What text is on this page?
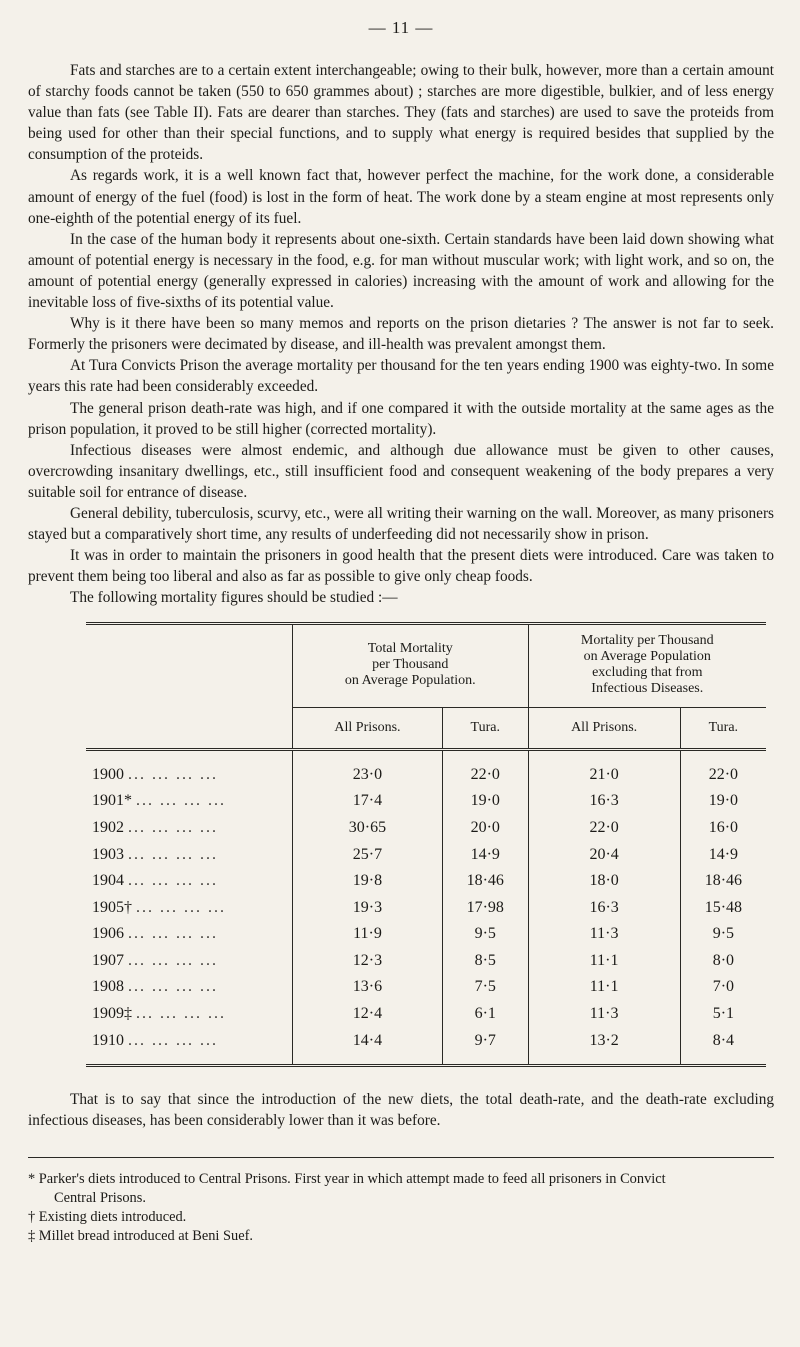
— 11 —

Fats and starches are to a certain extent interchangeable; owing to their bulk, however, more than a certain amount of starchy foods cannot be taken (550 to 650 grammes about) ; starches are more digestible, bulkier, and of less energy value than fats (see Table II). Fats are dearer than starches. They (fats and starches) are used to save the proteids from being used for other than their special functions, and to supply what energy is required besides that supplied by the consumption of the proteids.

As regards work, it is a well known fact that, however perfect the machine, for the work done, a considerable amount of energy of the fuel (food) is lost in the form of heat. The work done by a steam engine at most represents only one-eighth of the potential energy of its fuel.

In the case of the human body it represents about one-sixth. Certain standards have been laid down showing what amount of potential energy is necessary in the food, e.g. for man without muscular work; with light work, and so on, the amount of potential energy (generally expressed in calories) increasing with the amount of work and allowing for the inevitable loss of five-sixths of its potential value.

Why is it there have been so many memos and reports on the prison dietaries ? The answer is not far to seek. Formerly the prisoners were decimated by disease, and ill-health was prevalent amongst them.

At Tura Convicts Prison the average mortality per thousand for the ten years ending 1900 was eighty-two. In some years this rate had been considerably exceeded.

The general prison death-rate was high, and if one compared it with the outside mortality at the same ages as the prison population, it proved to be still higher (corrected mortality).

Infectious diseases were almost endemic, and although due allowance must be given to other causes, overcrowding insanitary dwellings, etc., still insufficient food and consequent weakening of the body prepares a very suitable soil for entrance of disease.

General debility, tuberculosis, scurvy, etc., were all writing their warning on the wall. Moreover, as many prisoners stayed but a comparatively short time, any results of underfeeding did not necessarily show in prison.

It was in order to maintain the prisoners in good health that the present diets were introduced. Care was taken to prevent them being too liberal and also as far as possible to give only cheap foods.

The following mortality figures should be studied :—

	Total Mortality
per Thousand
on Average Population.		Mortality per Thousand
on Average Population
excluding that from
Infectious Diseases.	

	All Prisons.	Tura.	All Prisons.	Tura.
1900 ... ... ... ...	23·0	22·0	21·0	22·0
1901* ... ... ... ...	17·4	19·0	16·3	19·0
1902 ... ... ... ...	30·65	20·0	22·0	16·0
1903 ... ... ... ...	25·7	14·9	20·4	14·9
1904 ... ... ... ...	19·8	18·46	18·0	18·46
1905† ... ... ... ...	19·3	17·98	16·3	15·48
1906 ... ... ... ...	11·9	9·5	11·3	9·5
1907 ... ... ... ...	12·3	8·5	11·1	8·0
1908 ... ... ... ...	13·6	7·5	11·1	7·0
1909‡ ... ... ... ...	12·4	6·1	11·3	5·1
1910 ... ... ... ...	14·4	9·7	13·2	8·4

That is to say that since the introduction of the new diets, the total death-rate, and the death-rate excluding infectious diseases, has been considerably lower than it was before.

* Parker's diets introduced to Central Prisons. First year in which attempt made to feed all prisoners in Convict

Central Prisons.

† Existing diets introduced.

‡ Millet bread introduced at Beni Suef.
